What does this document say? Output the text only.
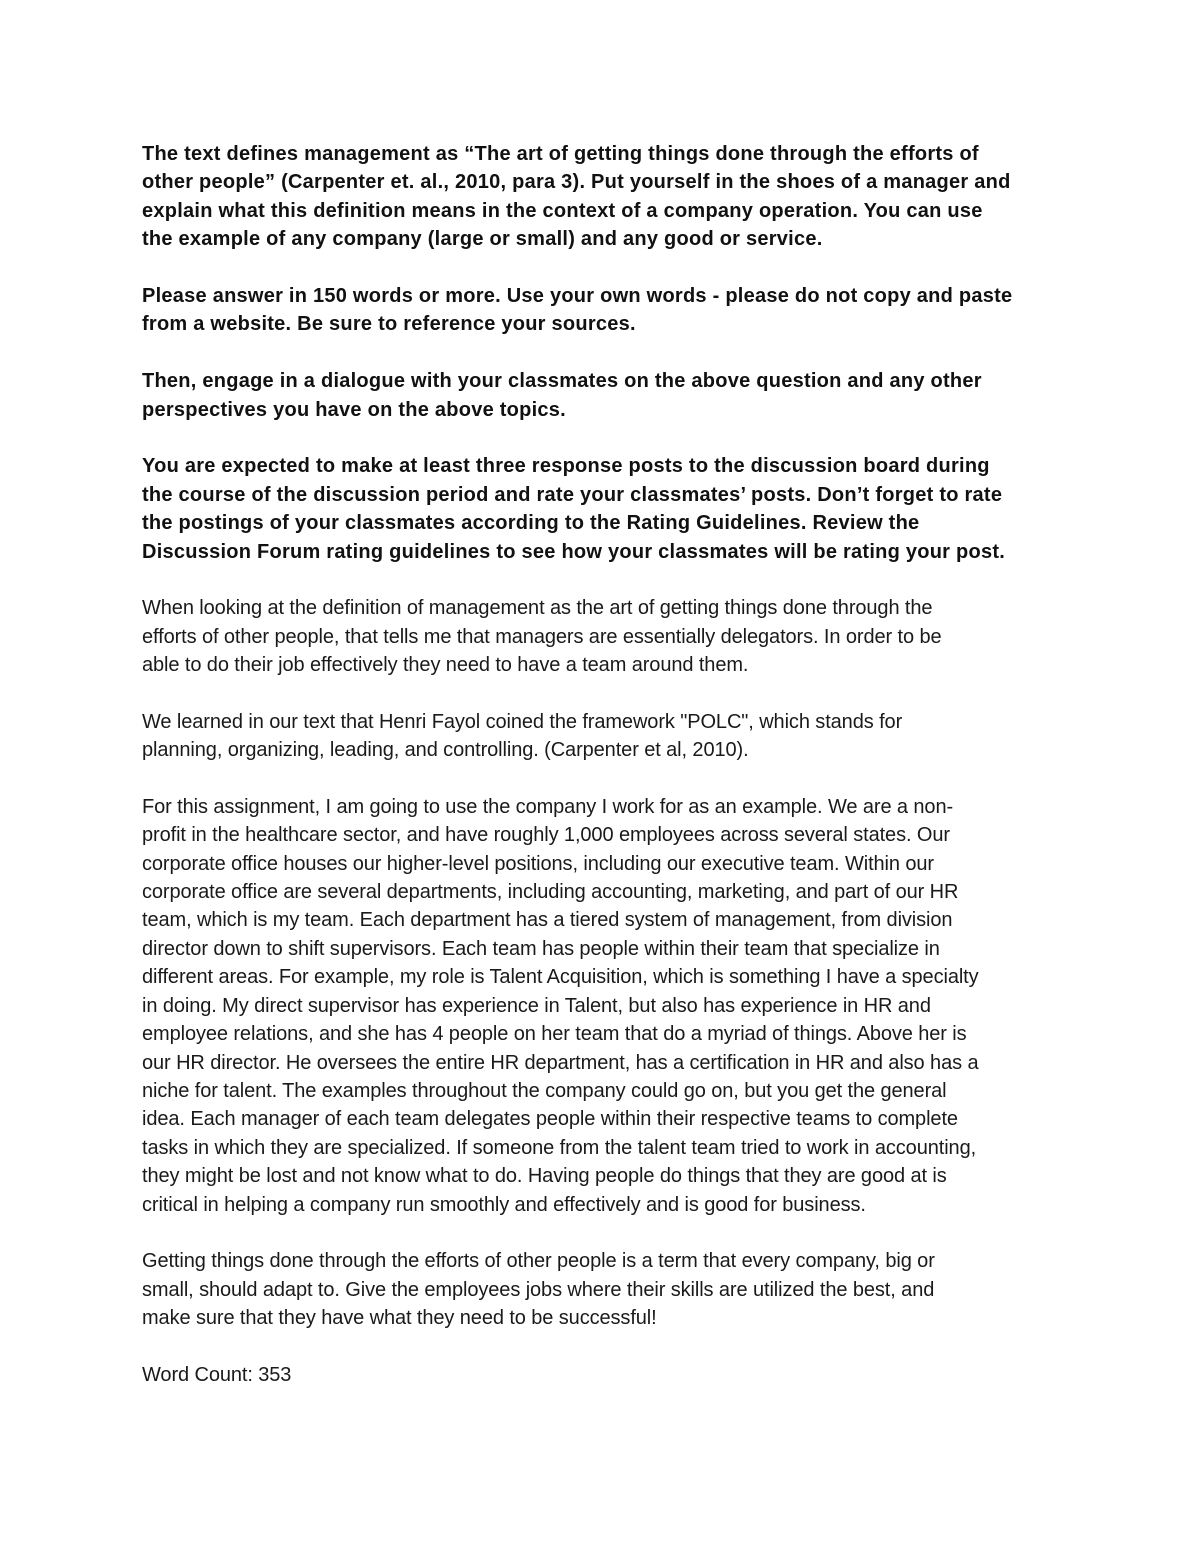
The text defines management as “The art of getting things done through the efforts of
other people” (Carpenter et. al., 2010, para 3). Put yourself in the shoes of a manager and
explain what this definition means in the context of a company operation. You can use
the example of any company (large or small) and any good or service.
Please answer in 150 words or more. Use your own words - please do not copy and paste
from a website. Be sure to reference your sources.
Then, engage in a dialogue with your classmates on the above question and any other
perspectives you have on the above topics.
You are expected to make at least three response posts to the discussion board during
the course of the discussion period and rate your classmates’ posts. Don’t forget to rate
the postings of your classmates according to the Rating Guidelines. Review the
Discussion Forum rating guidelines to see how your classmates will be rating your post.
When looking at the definition of management as the art of getting things done through the
efforts of other people, that tells me that managers are essentially delegators. In order to be
able to do their job effectively they need to have a team around them.
We learned in our text that Henri Fayol coined the framework "POLC", which stands for
planning, organizing, leading, and controlling. (Carpenter et al, 2010).
For this assignment, I am going to use the company I work for as an example. We are a non-
profit in the healthcare sector, and have roughly 1,000 employees across several states. Our
corporate office houses our higher-level positions, including our executive team. Within our
corporate office are several departments, including accounting, marketing, and part of our HR
team, which is my team. Each department has a tiered system of management, from division
director down to shift supervisors. Each team has people within their team that specialize in
different areas. For example, my role is Talent Acquisition, which is something I have a specialty
in doing. My direct supervisor has experience in Talent, but also has experience in HR and
employee relations, and she has 4 people on her team that do a myriad of things. Above her is
our HR director. He oversees the entire HR department, has a certification in HR and also has a
niche for talent. The examples throughout the company could go on, but you get the general
idea. Each manager of each team delegates people within their respective teams to complete
tasks in which they are specialized. If someone from the talent team tried to work in accounting,
they might be lost and not know what to do. Having people do things that they are good at is
critical in helping a company run smoothly and effectively and is good for business.
Getting things done through the efforts of other people is a term that every company, big or
small, should adapt to. Give the employees jobs where their skills are utilized the best, and
make sure that they have what they need to be successful!
Word Count: 353
